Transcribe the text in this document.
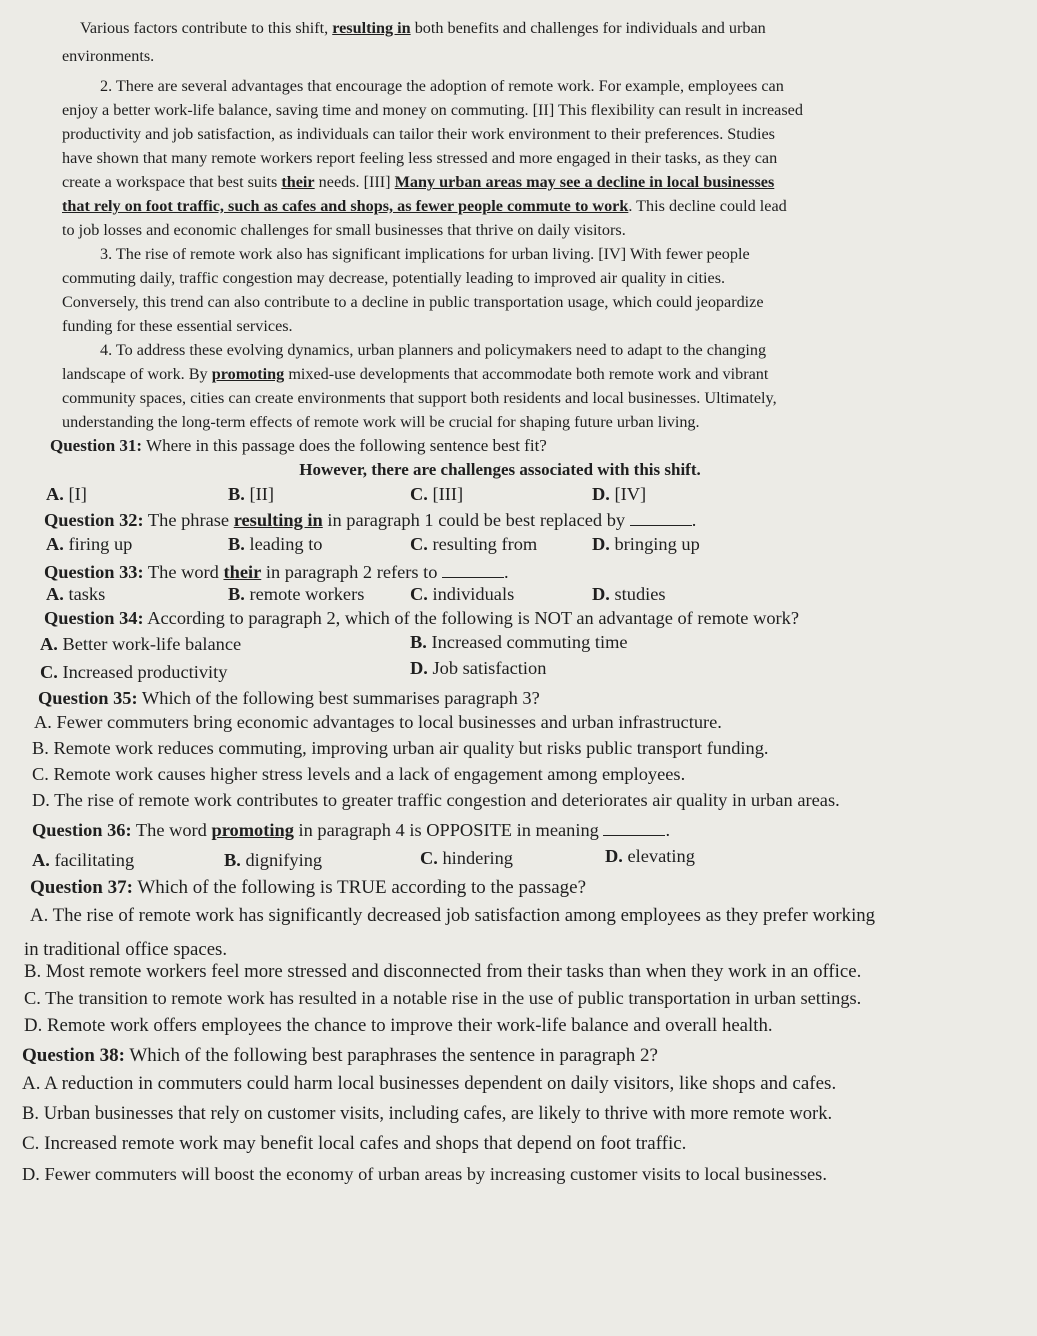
Various factors contribute to this shift, resulting in both benefits and challenges for individuals and urban
environments.
2. There are several advantages that encourage the adoption of remote work. For example, employees can
enjoy a better work-life balance, saving time and money on commuting. [II] This flexibility can result in increased
productivity and job satisfaction, as individuals can tailor their work environment to their preferences. Studies
have shown that many remote workers report feeling less stressed and more engaged in their tasks, as they can
create a workspace that best suits their needs. [III] Many urban areas may see a decline in local businesses
that rely on foot traffic, such as cafes and shops, as fewer people commute to work. This decline could lead
to job losses and economic challenges for small businesses that thrive on daily visitors.
3. The rise of remote work also has significant implications for urban living. [IV] With fewer people
commuting daily, traffic congestion may decrease, potentially leading to improved air quality in cities.
Conversely, this trend can also contribute to a decline in public transportation usage, which could jeopardize
funding for these essential services.
4. To address these evolving dynamics, urban planners and policymakers need to adapt to the changing
landscape of work. By promoting mixed-use developments that accommodate both remote work and vibrant
community spaces, cities can create environments that support both residents and local businesses. Ultimately,
understanding the long-term effects of remote work will be crucial for shaping future urban living.
Question 31: Where in this passage does the following sentence best fit?
However, there are challenges associated with this shift.
A. [I]	B. [II]	C. [III]	D. [IV]
Question 32: The phrase resulting in in paragraph 1 could be best replaced by	.
A. firing up	B. leading to	C. resulting from	D. bringing up
Question 33: The word their in paragraph 2 refers to	.
A. tasks	B. remote workers C. individuals	D. studies
Question 34: According to paragraph 2, which of the following is NOT an advantage of remote work?
A. Better work-life balance	B. Increased commuting time
C. Increased productivity	D. Job satisfaction
Question 35: Which of the following best summarises paragraph 3?
A. Fewer commuters bring economic advantages to local businesses and urban infrastructure.
B. Remote work reduces commuting, improving urban air quality but risks public transport funding.
C. Remote work causes higher stress levels and a lack of engagement among employees.
D. The rise of remote work contributes to greater traffic congestion and deteriorates air quality in urban areas.
Question 36: The word promoting in paragraph 4 is OPPOSITE in meaning	.
A. facilitating	B. dignifying	C. hindering	D. elevating
Question 37: Which of the following is TRUE according to the passage?
A. The rise of remote work has significantly decreased job satisfaction among employees as they prefer working
in traditional office spaces.
B. Most remote workers feel more stressed and disconnected from their tasks than when they work in an office.
C. The transition to remote work has resulted in a notable rise in the use of public transportation in urban settings.
D. Remote work offers employees the chance to improve their work-life balance and overall health.
Question 38: Which of the following best paraphrases the sentence in paragraph 2?
A. A reduction in commuters could harm local businesses dependent on daily visitors, like shops and cafes.
B. Urban businesses that rely on customer visits, including cafes, are likely to thrive with more remote work.
C. Increased remote work may benefit local cafes and shops that depend on foot traffic.
D. Fewer commuters will boost the economy of urban areas by increasing customer visits to local businesses.
